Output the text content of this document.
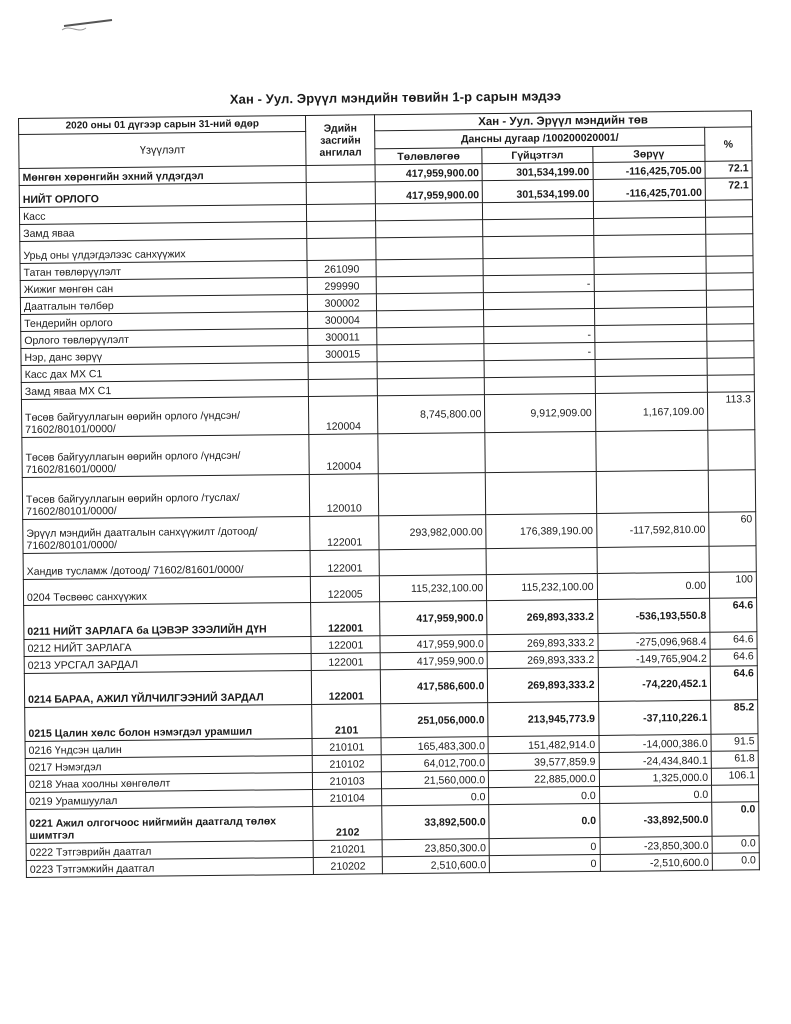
Хан - Уул. Эрүүл мэндийн төвийн 1-р сарын мэдээ
2020 оны 01 дүгээр сарын 31-ний өдөр	Эдийн засгийн ангилал	Хан - Уул. Эрүүл мэндийн төв			
Үзүүлэлт		Дансны дугаар /100200020001/			%
		Төлөвлөгөө	Гүйцэтгэл	Зөрүү	
Мөнгөн хөрөнгийн эхний үлдэгдэл		417,959,900.00	301,534,199.00	-116,425,705.00	72.1
НИЙТ ОРЛОГО		417,959,900.00	301,534,199.00	-116,425,701.00	72.1
Касс					
Замд яваа					
Урьд оны үлдэгдэлээс санхүүжих					
Татан төвлөрүүлэлт	261090				
Жижиг мөнгөн сан	299990		-		
Даатгалын төлбөр	300002				
Тендерийн орлого	300004				
Орлого төвлөрүүлэлт	300011		-		
Нэр, данс зөрүү	300015		-		
Касс дах МХ С1					
Замд яваа МХ С1					
Төсөв байгууллагын өөрийн орлого /үндсэн/ 71602/80101/0000/	120004	8,745,800.00	9,912,909.00	1,167,109.00	113.3
Төсөв байгууллагын өөрийн орлого /үндсэн/ 71602/81601/0000/	120004				
Төсөв байгууллагын өөрийн орлого /туслах/ 71602/80101/0000/	120010				
Эрүүл мэндийн даатгалын санхүүжилт /дотоод/ 71602/80101/0000/	122001	293,982,000.00	176,389,190.00	-117,592,810.00	60
Хандив тусламж /дотоод/ 71602/81601/0000/	122001				
0204 Төсвөөс санхүүжих	122005	115,232,100.00	115,232,100.00	0.00	100
0211 НИЙТ ЗАРЛАГА ба ЦЭВЭР ЗЭЭЛИЙН ДҮН	122001	417,959,900.0	269,893,333.2	-536,193,550.8	64.6
0212 НИЙТ ЗАРЛАГА	122001	417,959,900.0	269,893,333.2	-275,096,968.4	64.6
0213 УРСГАЛ ЗАРДАЛ	122001	417,959,900.0	269,893,333.2	-149,765,904.2	64.6
0214 БАРАА, АЖИЛ ҮЙЛЧИЛГЭЭНИЙ ЗАРДАЛ	122001	417,586,600.0	269,893,333.2	-74,220,452.1	64.6
0215 Цалин хөлс болон нэмэгдэл урамшил	2101	251,056,000.0	213,945,773.9	-37,110,226.1	85.2
0216 Үндсэн цалин	210101	165,483,300.0	151,482,914.0	-14,000,386.0	91.5
0217 Нэмэгдэл	210102	64,012,700.0	39,577,859.9	-24,434,840.1	61.8
0218 Унаа хоолны хөнгөлөлт	210103	21,560,000.0	22,885,000.0	1,325,000.0	106.1
0219 Урамшуулал	210104	0.0	0.0	0.0	
0221 Ажил олгогчоос нийгмийн даатгалд төлөх шимтгэл	2102	33,892,500.0	0.0	-33,892,500.0	0.0
0222 Тэтгэврийн даатгал	210201	23,850,300.0	0	-23,850,300.0	0.0
0223 Тэтгэмжийн даатгал	210202	2,510,600.0	0	-2,510,600.0	0.0
